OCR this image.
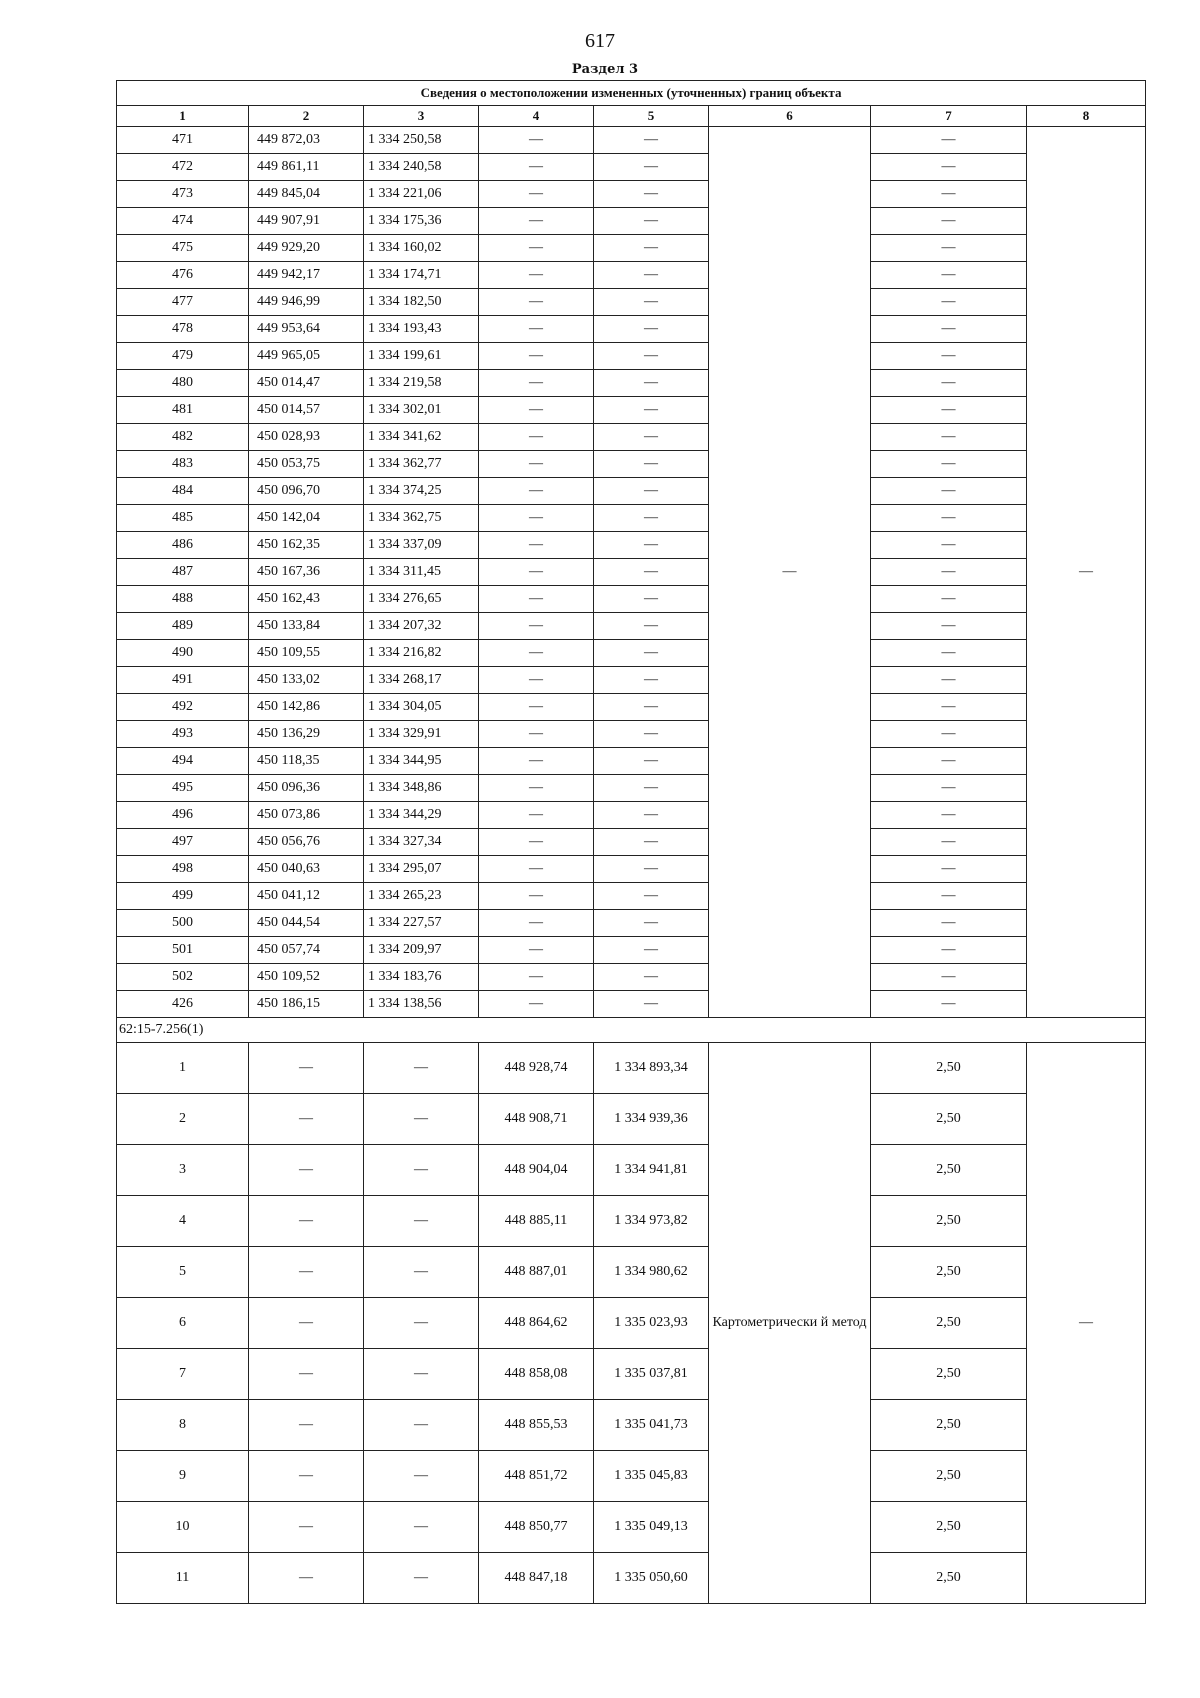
617
Раздел 3
Сведения о местоположении измененных (уточненных) границ объекта							
1	2	3	4	5	6	7	8
471	449 872,03	1 334 250,58	—	—	—	—	—
472	449 861,11	1 334 240,58	—	—		—	
473	449 845,04	1 334 221,06	—	—		—	
474	449 907,91	1 334 175,36	—	—		—	
475	449 929,20	1 334 160,02	—	—		—	
476	449 942,17	1 334 174,71	—	—		—	
477	449 946,99	1 334 182,50	—	—		—	
478	449 953,64	1 334 193,43	—	—		—	
479	449 965,05	1 334 199,61	—	—		—	
480	450 014,47	1 334 219,58	—	—		—	
481	450 014,57	1 334 302,01	—	—		—	
482	450 028,93	1 334 341,62	—	—		—	
483	450 053,75	1 334 362,77	—	—		—	
484	450 096,70	1 334 374,25	—	—		—	
485	450 142,04	1 334 362,75	—	—		—	
486	450 162,35	1 334 337,09	—	—		—	
487	450 167,36	1 334 311,45	—	—		—	
488	450 162,43	1 334 276,65	—	—		—	
489	450 133,84	1 334 207,32	—	—		—	
490	450 109,55	1 334 216,82	—	—		—	
491	450 133,02	1 334 268,17	—	—		—	
492	450 142,86	1 334 304,05	—	—		—	
493	450 136,29	1 334 329,91	—	—		—	
494	450 118,35	1 334 344,95	—	—		—	
495	450 096,36	1 334 348,86	—	—		—	
496	450 073,86	1 334 344,29	—	—		—	
497	450 056,76	1 334 327,34	—	—		—	
498	450 040,63	1 334 295,07	—	—		—	
499	450 041,12	1 334 265,23	—	—		—	
500	450 044,54	1 334 227,57	—	—		—	
501	450 057,74	1 334 209,97	—	—		—	
502	450 109,52	1 334 183,76	—	—		—	
426	450 186,15	1 334 138,56	—	—		—	
62:15-7.256(1)							
1	—	—	448 928,74	1 334 893,34	Картометрически й метод	2,50	—
2	—	—	448 908,71	1 334 939,36		2,50	
3	—	—	448 904,04	1 334 941,81		2,50	
4	—	—	448 885,11	1 334 973,82		2,50	
5	—	—	448 887,01	1 334 980,62		2,50	
6	—	—	448 864,62	1 335 023,93		2,50	
7	—	—	448 858,08	1 335 037,81		2,50	
8	—	—	448 855,53	1 335 041,73		2,50	
9	—	—	448 851,72	1 335 045,83		2,50	
10	—	—	448 850,77	1 335 049,13		2,50	
11	—	—	448 847,18	1 335 050,60		2,50	
